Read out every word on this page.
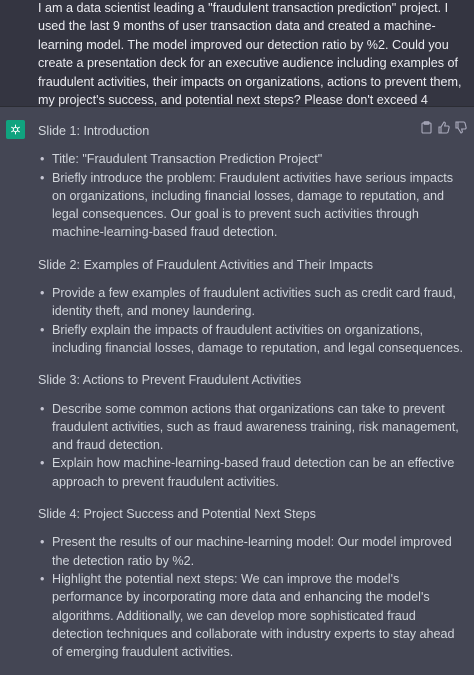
I am a data scientist leading a "fraudulent transaction prediction" project. I used the last 9 months of user transaction data and created a machine-learning model. The model improved our detection ratio by %2. Could you create a presentation deck for an executive audience including examples of fraudulent activities, their impacts on organizations, actions to prevent them, my project's success, and potential next steps? Please don't exceed 4

Slide 1: Introduction

• Title: "Fraudulent Transaction Prediction Project"
• Briefly introduce the problem: Fraudulent activities have serious impacts on organizations, including financial losses, damage to reputation, and legal consequences. Our goal is to prevent such activities through machine-learning-based fraud detection.

Slide 2: Examples of Fraudulent Activities and Their Impacts

• Provide a few examples of fraudulent activities such as credit card fraud, identity theft, and money laundering.
• Briefly explain the impacts of fraudulent activities on organizations, including financial losses, damage to reputation, and legal consequences.

Slide 3: Actions to Prevent Fraudulent Activities

• Describe some common actions that organizations can take to prevent fraudulent activities, such as fraud awareness training, risk management, and fraud detection.
• Explain how machine-learning-based fraud detection can be an effective approach to prevent fraudulent activities.

Slide 4: Project Success and Potential Next Steps

• Present the results of our machine-learning model: Our model improved the detection ratio by %2.
• Highlight the potential next steps: We can improve the model's performance by incorporating more data and enhancing the model's algorithms. Additionally, we can develop more sophisticated fraud detection techniques and collaborate with industry experts to stay ahead of emerging fraudulent activities.
